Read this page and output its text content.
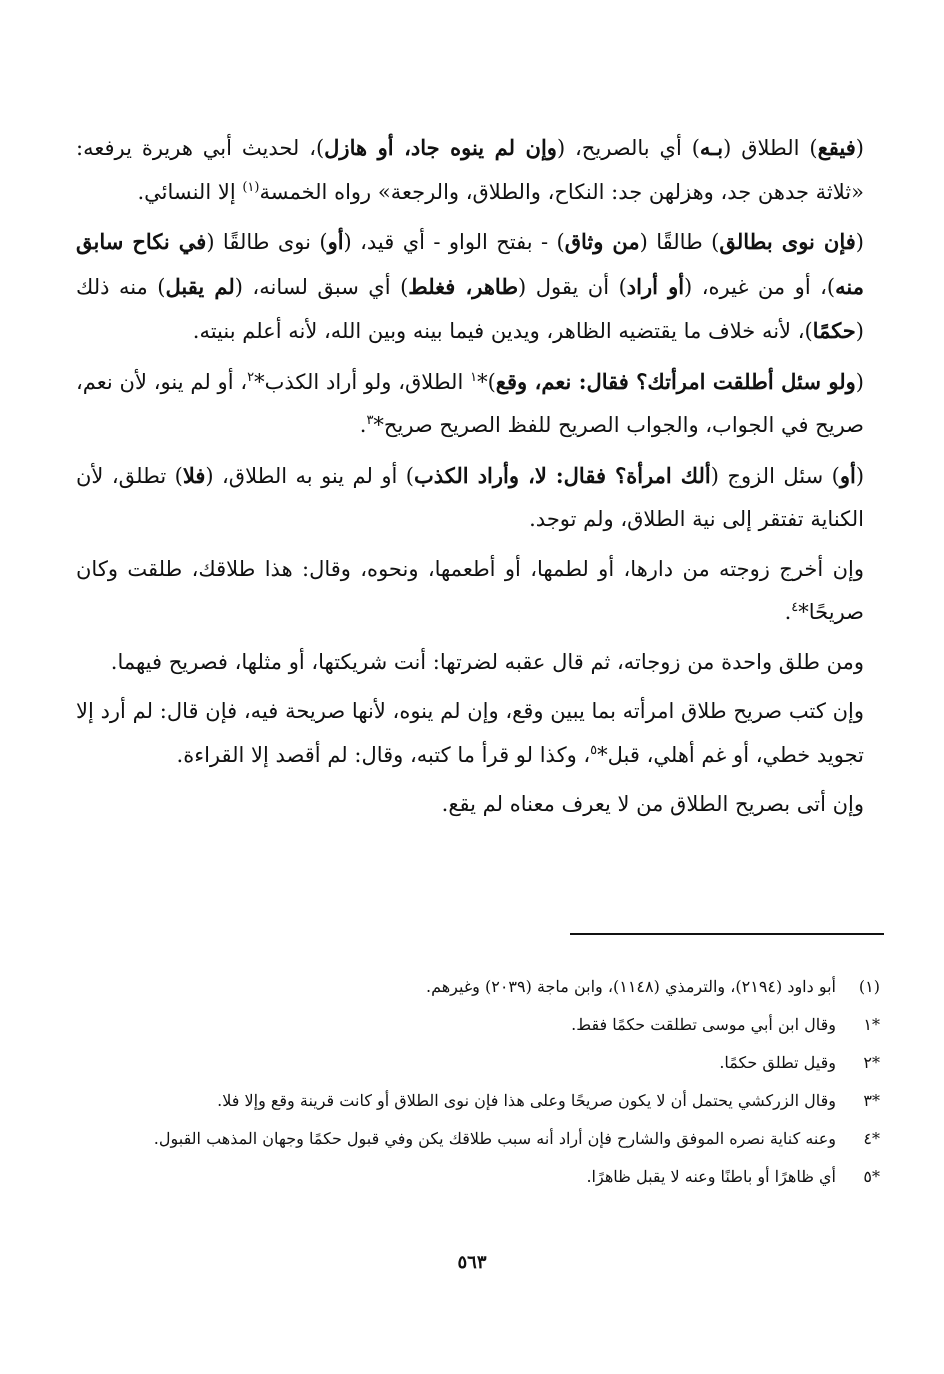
(فيقع) الطلاق (بـه) أي بالصريح، (وإن لم ينوه جاد، أو هازل)، لحديث أبي هريرة يرفعه: «ثلاثة جدهن جد، وهزلهن جد: النكاح، والطلاق، والرجعة» رواه الخمسة$^{(١)}$ إلا النسائي.

(فإن نوى بطالق) طالقًا (من وثاق) - بفتح الواو - أي قيد، (أو) نوى طالقًا (في نكاح سابق منه)، أو من غيره، (أو أراد) أن يقول (طاهر، فغلط) أي سبق لسانه، (لم يقبل) منه ذلك (حكمًا)، لأنه خلاف ما يقتضيه الظاهر، ويدين فيما بينه وبين الله، لأنه أعلم بنيته.

(ولو سئل أطلقت امرأتك؟ فقال: نعم، وقع)*$^١$ الطلاق، ولو أراد الكذب*$^٢$، أو لم ينو، لأن نعم، صريح في الجواب، والجواب الصريح للفظ الصريح صريح*$^٣$.

(أو) سئل الزوج (ألك امرأة؟ فقال: لا، وأراد الكذب) أو لم ينو به الطلاق، (فلا) تطلق، لأن الكناية تفتقر إلى نية الطلاق، ولم توجد.

وإن أخرج زوجته من دارها، أو لطمها، أو أطعمها، ونحوه، وقال: هذا طلاقك، طلقت وكان صريحًا*$^٤$.

ومن طلق واحدة من زوجاته، ثم قال عقبه لضرتها: أنت شريكتها، أو مثلها، فصريح فيهما.

وإن كتب صريح طلاق امرأته بما يبين وقع، وإن لم ينوه، لأنها صريحة فيه، فإن قال: لم أرد إلا تجويد خطي، أو غم أهلي، قبل*$^٥$، وكذا لو قرأ ما كتبه، وقال: لم أقصد إلا القراءة.

وإن أتى بصريح الطلاق من لا يعرف معناه لم يقع.

(١)
أبو داود (٢١٩٤)، والترمذي (١١٤٨)، وابن ماجة (٢٠٣٩) وغيرهم.
*١
وقال ابن أبي موسى تطلقت حكمًا فقط.
*٢
وقيل تطلق حكمًا.
*٣
وقال الزركشي يحتمل أن لا يكون صريحًا وعلى هذا فإن نوى الطلاق أو كانت قرينة وقع وإلا فلا.
*٤
وعنه كناية نصره الموفق والشارح فإن أراد أنه سبب طلاقك يكن وفي قبول حكمًا وجهان المذهب القبول.
*٥
أي ظاهرًا أو باطنًا وعنه لا يقبل ظاهرًا.
٥٦٣
